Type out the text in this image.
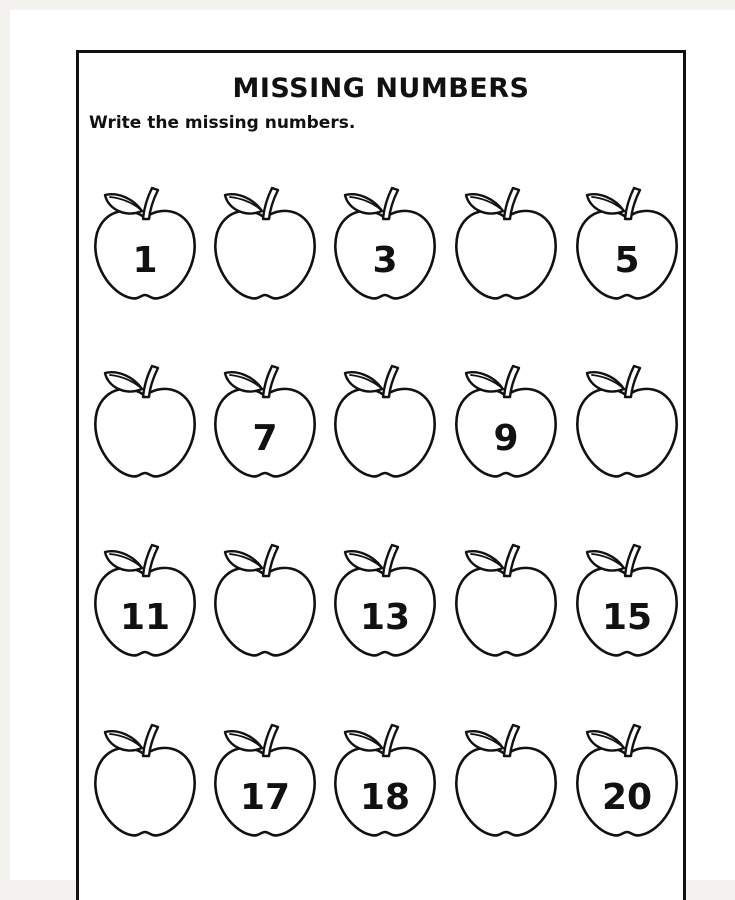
MISSING NUMBERS
Write the missing numbers.
1	3	5
7	9
11	13	15
17	18	20
